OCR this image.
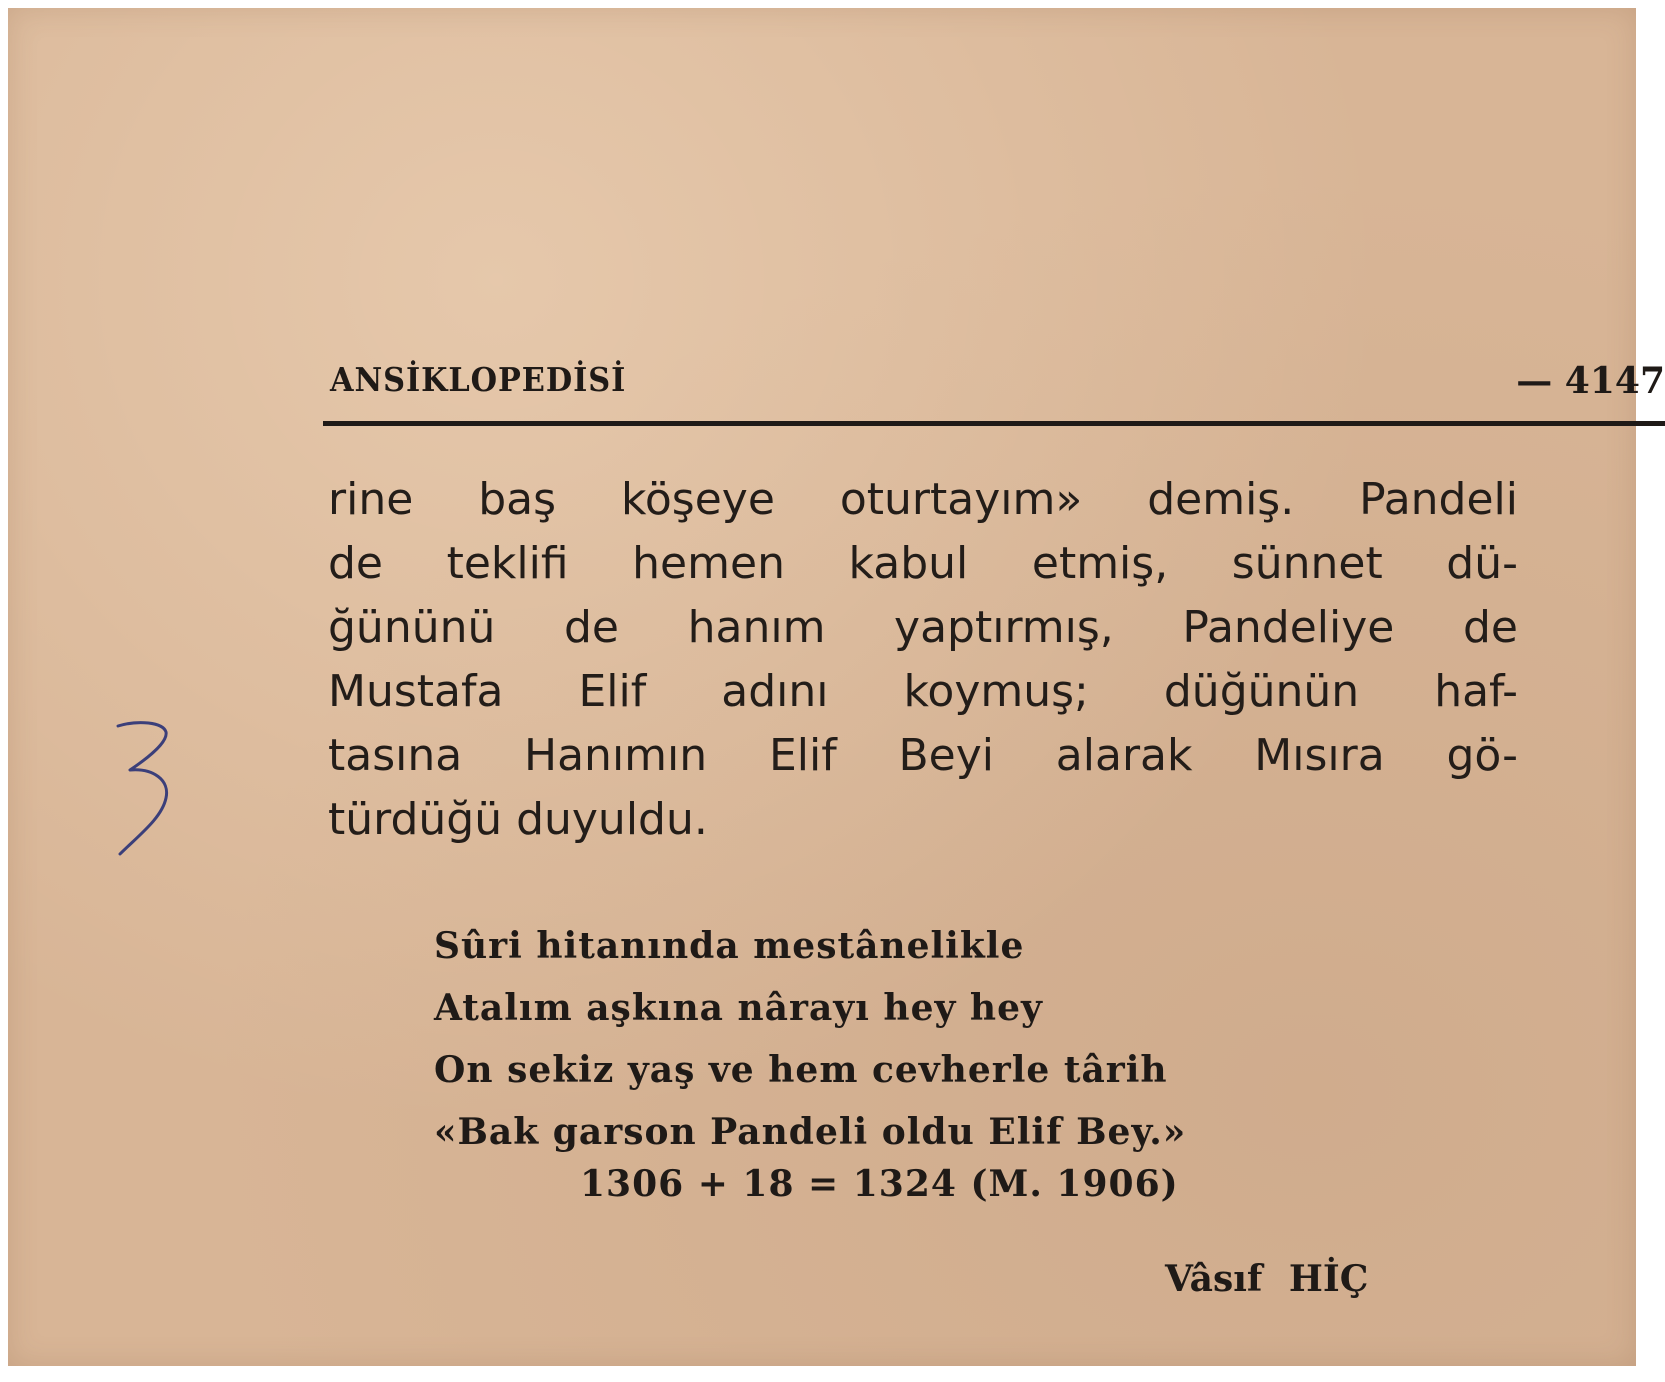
ANSİKLOPEDİSİ	— 4147
rine baş köşeye oturtayım» demiş. Pandeli
de teklifi hemen kabul etmiş, sünnet dü-
ğününü de hanım yaptırmış, Pandeliye de
Mustafa Elif adını koymuş; düğünün haf-
tasına Hanımın Elif Beyi alarak Mısıra gö-
türdüğü duyuldu.
Sûri hitanında mestânelikle
Atalım aşkına nârayı hey hey
On sekiz yaş ve hem cevherle târih
«Bak garson Pandeli oldu Elif Bey.»
1306 + 18 = 1324 (M. 1906)
Vâsıf HİÇ
